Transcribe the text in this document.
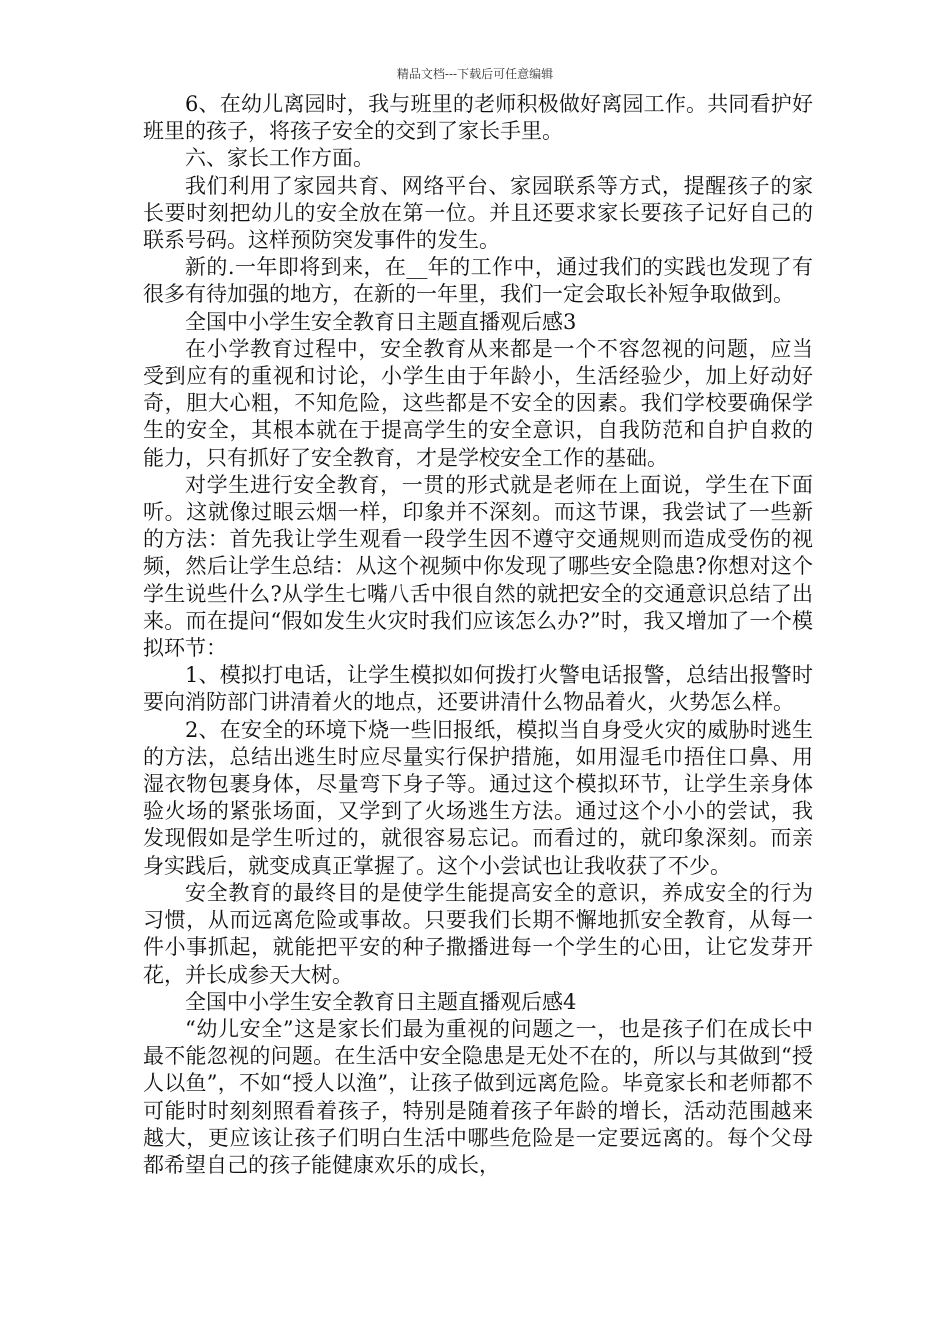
精品文档---下载后可任意编辑

6、在幼儿离园时，我与班里的老师积极做好离园工作。共同看护好班里的孩子，将孩子安全的交到了家长手里。

六、家长工作方面。

我们利用了家园共育、网络平台、家园联系等方式，提醒孩子的家长要时刻把幼儿的安全放在第一位。并且还要求家长要孩子记好自己的联系号码。这样预防突发事件的发生。

新的.一年即将到来，在__年的工作中，通过我们的实践也发现了有很多有待加强的地方，在新的一年里，我们一定会取长补短争取做到。

全国中小学生安全教育日主题直播观后感3

在小学教育过程中，安全教育从来都是一个不容忽视的问题，应当受到应有的重视和讨论，小学生由于年龄小，生活经验少，加上好动好奇，胆大心粗，不知危险，这些都是不安全的因素。我们学校要确保学生的安全，其根本就在于提高学生的安全意识，自我防范和自护自救的能力，只有抓好了安全教育，才是学校安全工作的基础。

对学生进行安全教育，一贯的形式就是老师在上面说，学生在下面听。这就像过眼云烟一样，印象并不深刻。而这节课，我尝试了一些新的方法：首先我让学生观看一段学生因不遵守交通规则而造成受伤的视频，然后让学生总结：从这个视频中你发现了哪些安全隐患?你想对这个学生说些什么?从学生七嘴八舌中很自然的就把安全的交通意识总结了出来。而在提问“假如发生火灾时我们应该怎么办?”时，我又增加了一个模拟环节：

1、模拟打电话，让学生模拟如何拨打火警电话报警，总结出报警时要向消防部门讲清着火的地点，还要讲清什么物品着火，火势怎么样。

2、在安全的环境下烧一些旧报纸，模拟当自身受火灾的威胁时逃生的方法，总结出逃生时应尽量实行保护措施，如用湿毛巾捂住口鼻、用湿衣物包裹身体，尽量弯下身子等。通过这个模拟环节，让学生亲身体验火场的紧张场面，又学到了火场逃生方法。通过这个小小的尝试，我发现假如是学生听过的，就很容易忘记。而看过的，就印象深刻。而亲身实践后，就变成真正掌握了。这个小尝试也让我收获了不少。

安全教育的最终目的是使学生能提高安全的意识，养成安全的行为习惯，从而远离危险或事故。只要我们长期不懈地抓安全教育，从每一件小事抓起，就能把平安的种子撒播进每一个学生的心田，让它发芽开花，并长成参天大树。

全国中小学生安全教育日主题直播观后感4

“幼儿安全”这是家长们最为重视的问题之一，也是孩子们在成长中最不能忽视的问题。在生活中安全隐患是无处不在的，所以与其做到“授人以鱼”，不如“授人以渔”，让孩子做到远离危险。毕竟家长和老师都不可能时时刻刻照看着孩子，特别是随着孩子年龄的增长，活动范围越来越大，更应该让孩子们明白生活中哪些危险是一定要远离的。每个父母都希望自己的孩子能健康欢乐的成长，
